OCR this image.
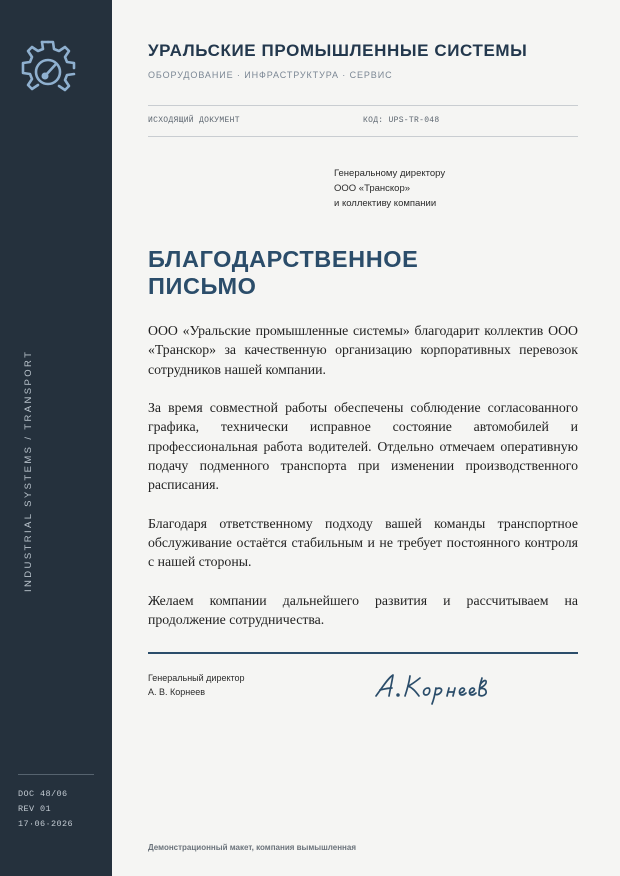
INDUSTRIAL SYSTEMS / TRANSPORT
DOC 48/06
REV 01
17·06·2026
УРАЛЬСКИЕ ПРОМЫШЛЕННЫЕ СИСТЕМЫ
ОБОРУДОВАНИЕ · ИНФРАСТРУКТУРА · СЕРВИС
ИСХОДЯЩИЙ ДОКУМЕНТ	КОД: UPS-TR-048
Генеральному директору
ООО «Транскор»
и коллективу компании
БЛАГОДАРСТВЕННОЕ
ПИСЬМО

ООО «Уральские промышленные системы» благодарит коллектив ООО «Транскор» за качественную организацию корпоративных перевозок сотрудников нашей компании.

За время совместной работы обеспечены соблюдение согласованного графика, технически исправное состояние автомобилей и профессиональная работа водителей. Отдельно отмечаем оперативную подачу подменного транспорта при изменении производственного расписания.

Благодаря ответственному подходу вашей команды транспортное обслуживание остаётся стабильным и не требует постоянного контроля с нашей стороны.

Желаем компании дальнейшего развития и рассчитываем на продолжение сотрудничества.

Генеральный директор
А. В. Корнеев
Демонстрационный макет, компания вымышленная
